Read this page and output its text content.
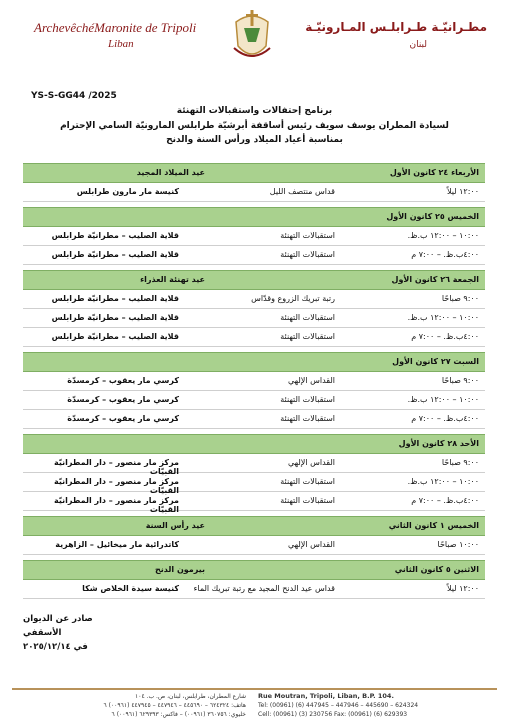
ArchevêchéMaronite de Tripoli
Liban
مطـرانيّـة طـرابلـس المـارونيّـة
لبنان
YS-S-GG44 /2025
برنامج إحتفالات واستقبالات التهنئة
لسيادة المطران يوسف سويف رئيس أساقفة أبرشيّة طرابلس المارونيّة السامي الإحترام
بمناسبة أعياد الميلاد ورأس السنة والدنح
الأربعاء ٢٤ كانون الأول
عيد الميلاد المجيد
١٢:٠٠ ليلاً
قداس منتصف الليل
كنيسة مار مارون طرابلس
الخميس ٢٥ كانون الأول
١٠:٠٠ – ١٢:٠٠ ب.ظ.
استقبالات التهنئة
قلاية الصليب – مطرانيّة طرابلس
٤:٠٠ب.ظ. – ٧:٠٠ م
استقبالات التهنئة
قلاية الصليب – مطرانيّة طرابلس
الجمعة ٢٦ كانون الأول
عيد تهنئة العذراء
٩:٠٠ صباحًا
رتبة تبريك الزروع وقدّاس
قلاية الصليب – مطرانيّة طرابلس
١٠:٠٠ – ١٢:٠٠ ب.ظ.
استقبالات التهنئة
قلاية الصليب – مطرانيّة طرابلس
٤:٠٠ب.ظ. – ٧:٠٠ م
استقبالات التهنئة
قلاية الصليب – مطرانيّة طرابلس
السبت ٢٧ كانون الأول
٩:٠٠ صباحًا
القداس الإلهي
كرسي مار يعقوب – كرمسدّة
١٠:٠٠ – ١٢:٠٠ ب.ظ.
استقبالات التهنئة
كرسي مار يعقوب – كرمسدّة
٤:٠٠ب.ظ. – ٧:٠٠ م
استقبالات التهنئة
كرسي مار يعقوب – كرمسدّة
الأحد ٢٨ كانون الأول
٩:٠٠ صباحًا
القداس الإلهي
مركز مار منصور – دار المطرانيّة القبيّات
١٠:٠٠ – ١٢:٠٠ ب.ظ.
استقبالات التهنئة
مركز مار منصور – دار المطرانيّة القبيّات
٤:٠٠ب.ظ. – ٧:٠٠ م
استقبالات التهنئة
مركز مار منصور – دار المطرانيّة القبيّات
الخميس ١ كانون الثاني
عيد رأس السنة
١٠:٠٠ صباحًا
القداس الإلهي
كاتدرائية مار ميخائيل – الزاهرية
الاثنين ٥ كانون الثاني
بيرمون الدنح
١٢:٠٠ ليلاً
قداس عيد الدنح المجيد مع رتبة تبريك الماء
كنيسة سيدة الخلاص شكا
صادر عن الديوان الأسقفي
في ٢٠٢٥/١٢/١٤
شارع المطران، طرابلس، لبنان، ص. ب. ١٠٤
هاتف: ٦٢٤٣٢٤ – ٤٤٥٦٩٠ – ٤٤٧٩٤٦ – ٤٤٧٩٤٥ (٠٠٩٦١) ٦
خليوي: ٣٦٠٧٥٦ (٠٠٩٦١) – فاكس: ٦٢٩٣٩٣ (٠٠٩٦١) ٦
Rue Moutran, Tripoli, Liban, B.P. 104.
Tel: (00961) (6) 447945 – 447946 – 445690 – 624324
Cell: (00961) (3) 230756 Fax: (00961) (6) 629393
